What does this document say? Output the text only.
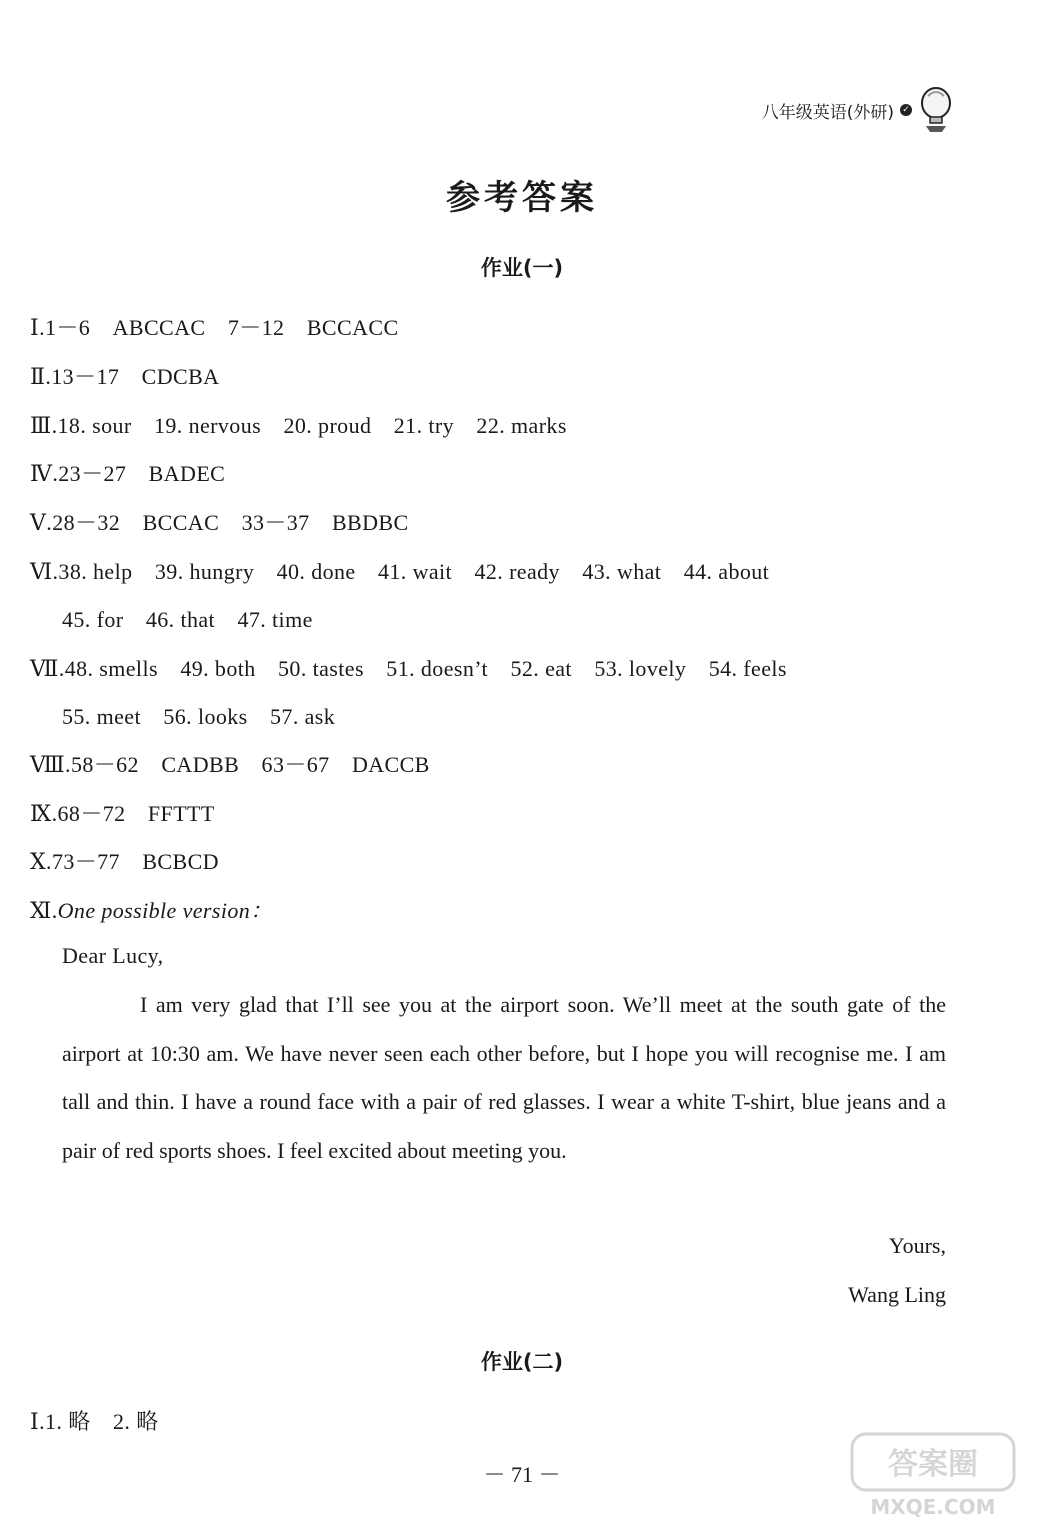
八年级英语(外研) ✓
参考答案
作业(一)
Ⅰ.1－6　ABCCAC　7－12　BCCACC
Ⅱ.13－17　CDCBA
Ⅲ.18. sour　19. nervous　20. proud　21. try　22. marks
Ⅳ.23－27　BADEC
Ⅴ.28－32　BCCAC　33－37　BBDBC
Ⅵ.38. help　39. hungry　40. done　41. wait　42. ready　43. what　44. about
45. for　46. that　47. time
Ⅶ.48. smells　49. both　50. tastes　51. doesn’t　52. eat　53. lovely　54. feels
55. meet　56. looks　57. ask
Ⅷ.58－62　CADBB　63－67　DACCB
Ⅸ.68－72　FFTTT
Ⅹ.73－77　BCBCD
Ⅺ.One possible version：
Dear Lucy,
I am very glad that I’ll see you at the airport soon. We’ll meet at the south gate of the airport at 10:30 am. We have never seen each other before, but I hope you will recognise me. I am tall and thin. I have a round face with a pair of red glasses. I wear a white T-shirt, blue jeans and a pair of red sports shoes. I feel excited about meeting you.
Yours,
Wang Ling
作业(二)
Ⅰ.1. 略　2. 略
－ 71 －	答案圈
MXQE.COM
